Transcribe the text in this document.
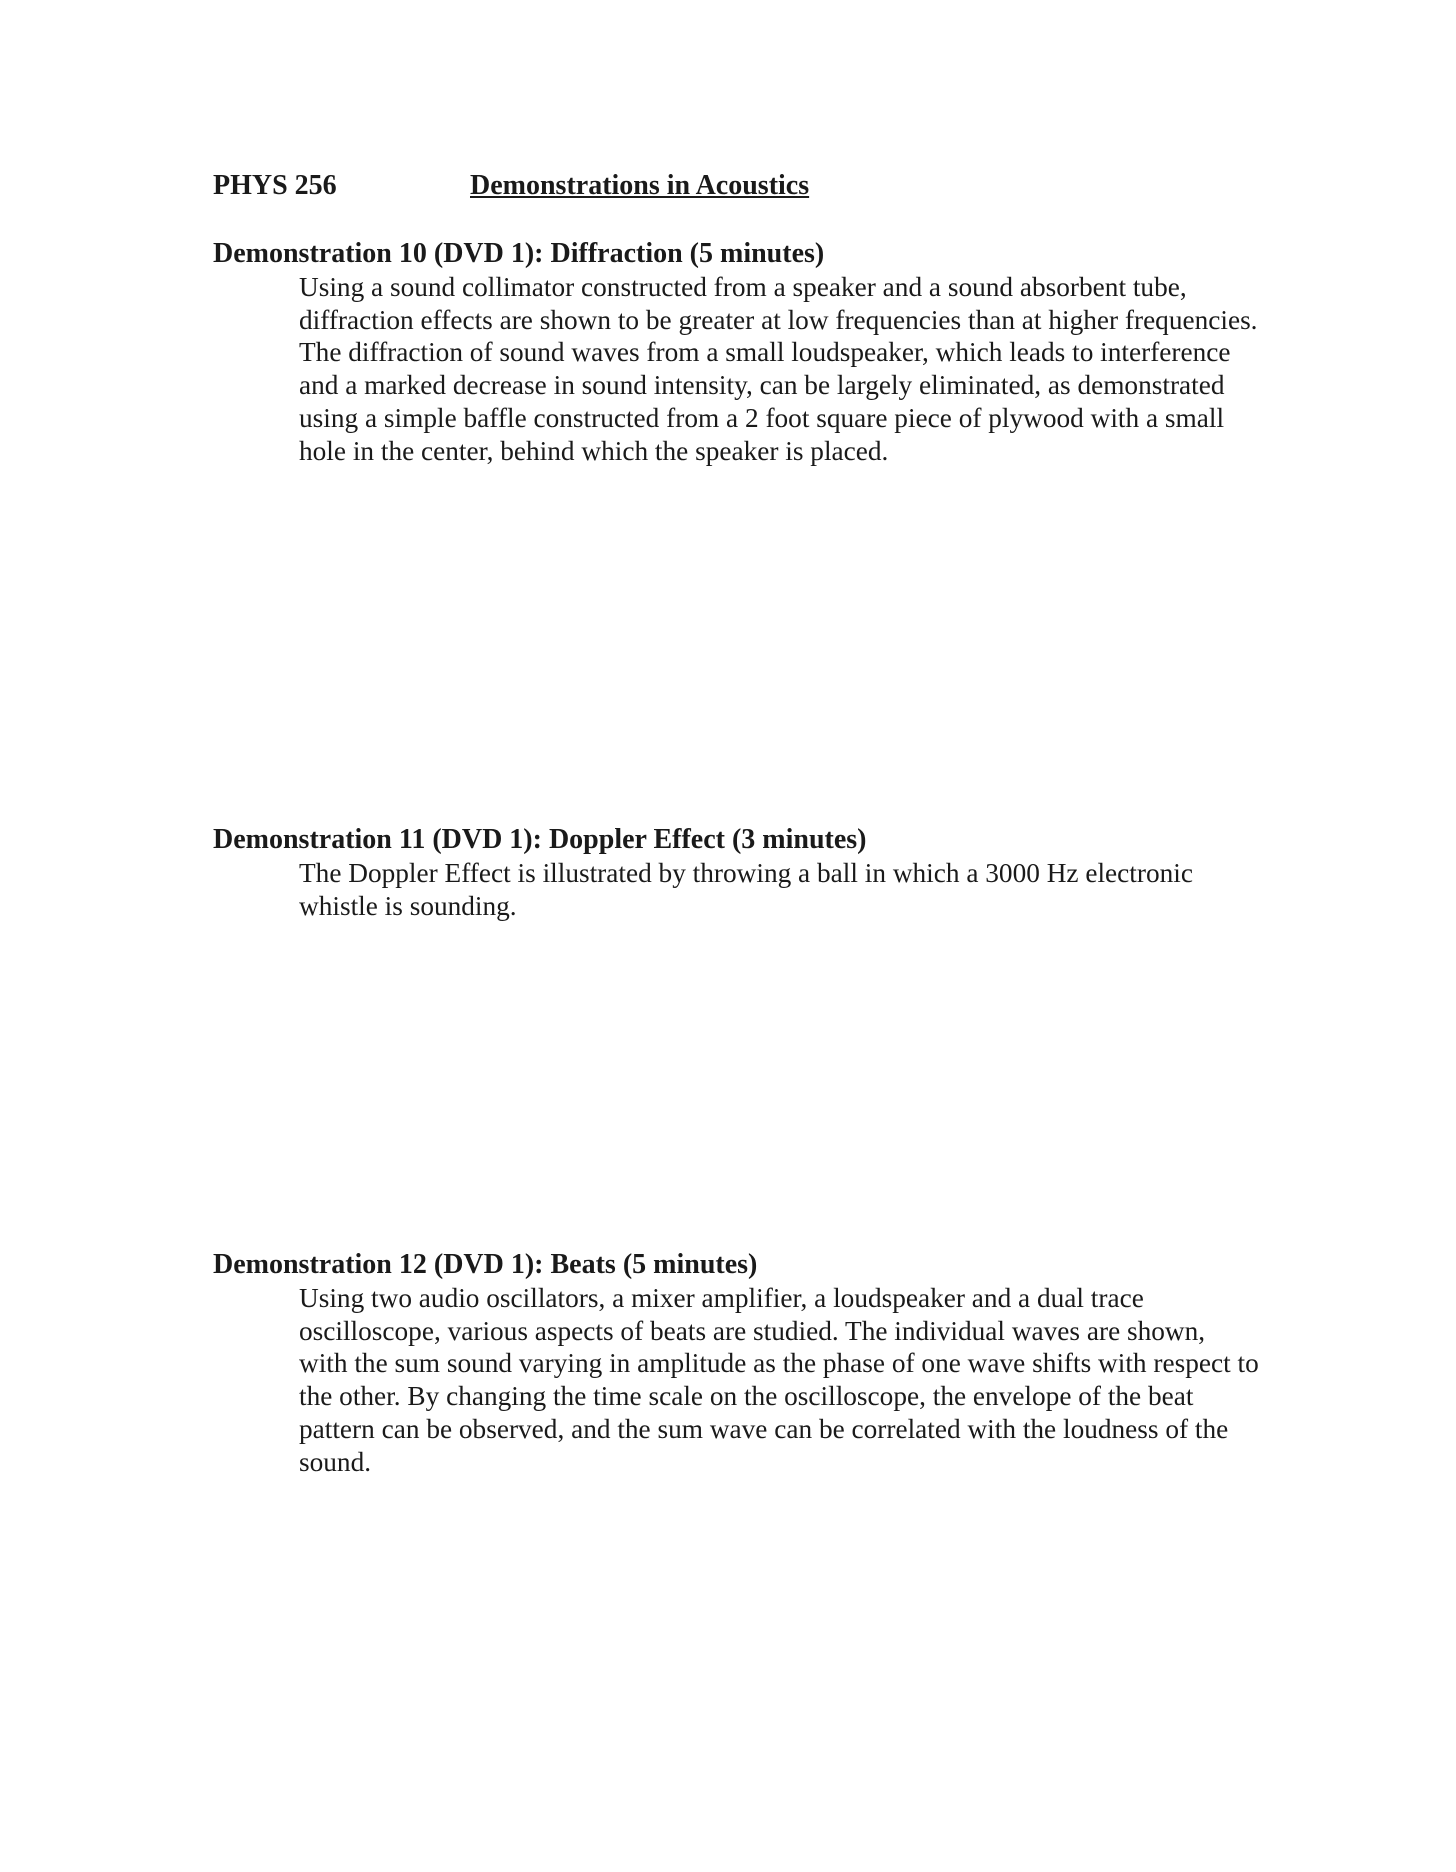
PHYS 256	Demonstrations in Acoustics
Demonstration 10 (DVD 1): Diffraction (5 minutes)
Using a sound collimator constructed from a speaker and a sound absorbent tube, diffraction effects are shown to be greater at low frequencies than at higher frequencies. The diffraction of sound waves from a small loudspeaker, which leads to interference and a marked decrease in sound intensity, can be largely eliminated, as demonstrated using a simple baffle constructed from a 2 foot square piece of plywood with a small hole in the center, behind which the speaker is placed.
Demonstration 11 (DVD 1): Doppler Effect (3 minutes)
The Doppler Effect is illustrated by throwing a ball in which a 3000 Hz electronic whistle is sounding.
Demonstration 12 (DVD 1): Beats (5 minutes)
Using two audio oscillators, a mixer amplifier, a loudspeaker and a dual trace oscilloscope, various aspects of beats are studied. The individual waves are shown, with the sum sound varying in amplitude as the phase of one wave shifts with respect to the other. By changing the time scale on the oscilloscope, the envelope of the beat pattern can be observed, and the sum wave can be correlated with the loudness of the sound.
